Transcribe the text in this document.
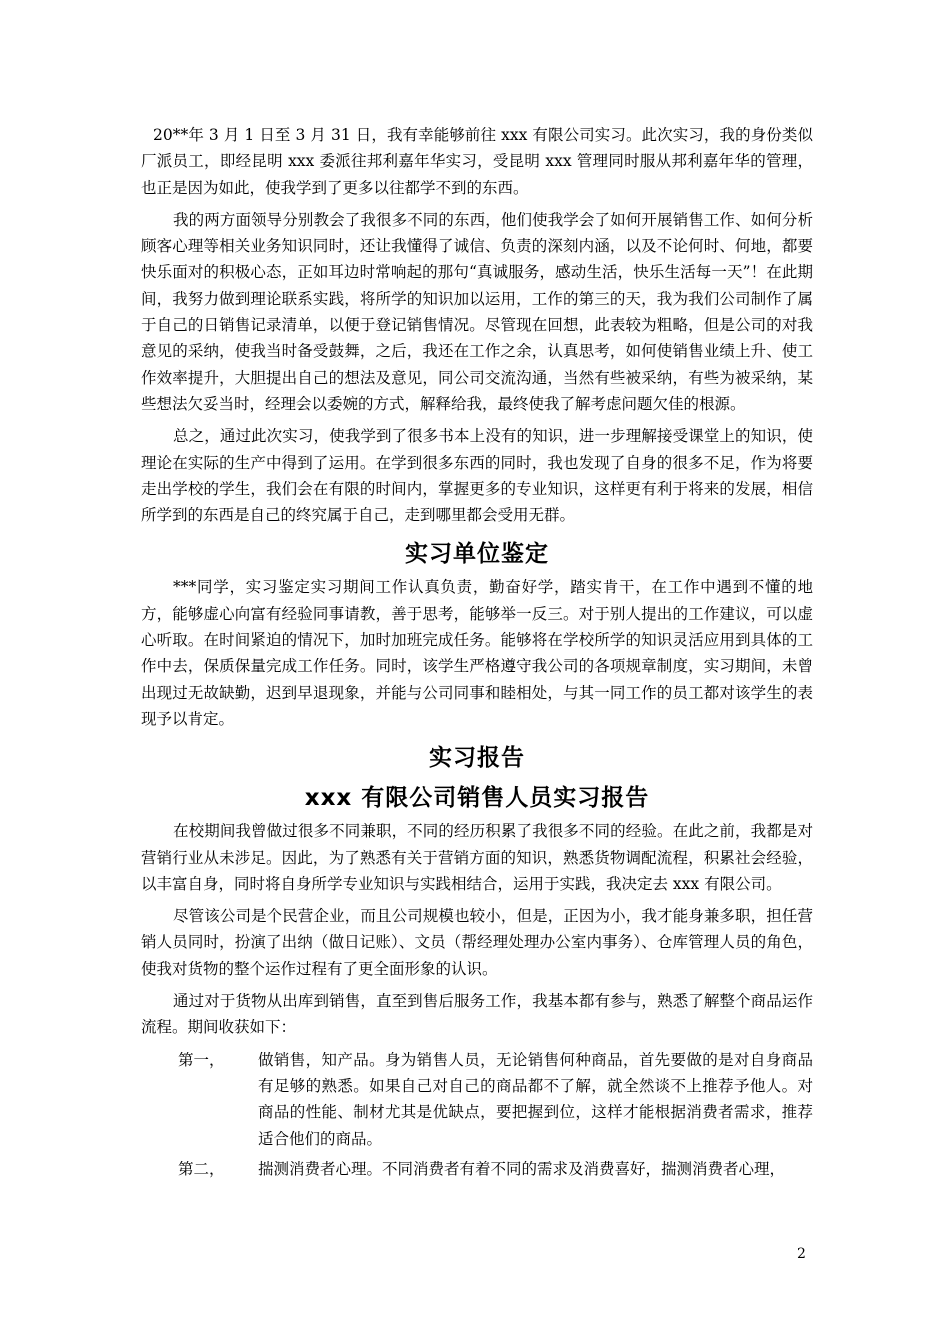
20**年 3 月 1 日至 3 月 31 日，我有幸能够前往 xxx 有限公司实习。此次实习，我的身份类似厂派员工，即经昆明 xxx 委派往邦利嘉年华实习，受昆明 xxx 管理同时服从邦利嘉年华的管理，也正是因为如此，使我学到了更多以往都学不到的东西。

我的两方面领导分别教会了我很多不同的东西，他们使我学会了如何开展销售工作、如何分析顾客心理等相关业务知识同时，还让我懂得了诚信、负责的深刻内涵，以及不论何时、何地，都要快乐面对的积极心态，正如耳边时常响起的那句“真诚服务，感动生活，快乐生活每一天”！在此期间，我努力做到理论联系实践，将所学的知识加以运用，工作的第三的天，我为我们公司制作了属于自己的日销售记录清单，以便于登记销售情况。尽管现在回想，此表较为粗略，但是公司的对我意见的采纳，使我当时备受鼓舞，之后，我还在工作之余，认真思考，如何使销售业绩上升、使工作效率提升，大胆提出自己的想法及意见，同公司交流沟通，当然有些被采纳，有些为被采纳，某些想法欠妥当时，经理会以委婉的方式，解释给我，最终使我了解考虑问题欠佳的根源。

总之，通过此次实习，使我学到了很多书本上没有的知识，进一步理解接受课堂上的知识，使理论在实际的生产中得到了运用。在学到很多东西的同时，我也发现了自身的很多不足，作为将要走出学校的学生，我们会在有限的时间内，掌握更多的专业知识，这样更有利于将来的发展，相信所学到的东西是自己的终究属于自己，走到哪里都会受用无群。

实习单位鉴定

***同学，实习鉴定实习期间工作认真负责，勤奋好学，踏实肯干，在工作中遇到不懂的地方，能够虚心向富有经验同事请教，善于思考，能够举一反三。对于别人提出的工作建议，可以虚心听取。在时间紧迫的情况下，加时加班完成任务。能够将在学校所学的知识灵活应用到具体的工作中去，保质保量完成工作任务。同时，该学生严格遵守我公司的各项规章制度，实习期间，未曾出现过无故缺勤，迟到早退现象，并能与公司同事和睦相处，与其一同工作的员工都对该学生的表现予以肯定。

实习报告
xxx 有限公司销售人员实习报告

在校期间我曾做过很多不同兼职，不同的经历积累了我很多不同的经验。在此之前，我都是对营销行业从未涉足。因此，为了熟悉有关于营销方面的知识，熟悉货物调配流程，积累社会经验，以丰富自身，同时将自身所学专业知识与实践相结合，运用于实践，我决定去 xxx 有限公司。

尽管该公司是个民营企业，而且公司规模也较小，但是，正因为小，我才能身兼多职，担任营销人员同时，扮演了出纳（做日记账）、文员（帮经理处理办公室内事务）、仓库管理人员的角色，使我对货物的整个运作过程有了更全面形象的认识。

通过对于货物从出库到销售，直至到售后服务工作，我基本都有参与，熟悉了解整个商品运作流程。期间收获如下：

第一，	做销售，知产品。身为销售人员，无论销售何种商品，首先要做的是对自身商品有足够的熟悉。如果自己对自己的商品都不了解，就全然谈不上推荐予他人。对商品的性能、制材尤其是优缺点，要把握到位，这样才能根据消费者需求，推荐适合他们的商品。
第二，	揣测消费者心理。不同消费者有着不同的需求及消费喜好，揣测消费者心理，
2
